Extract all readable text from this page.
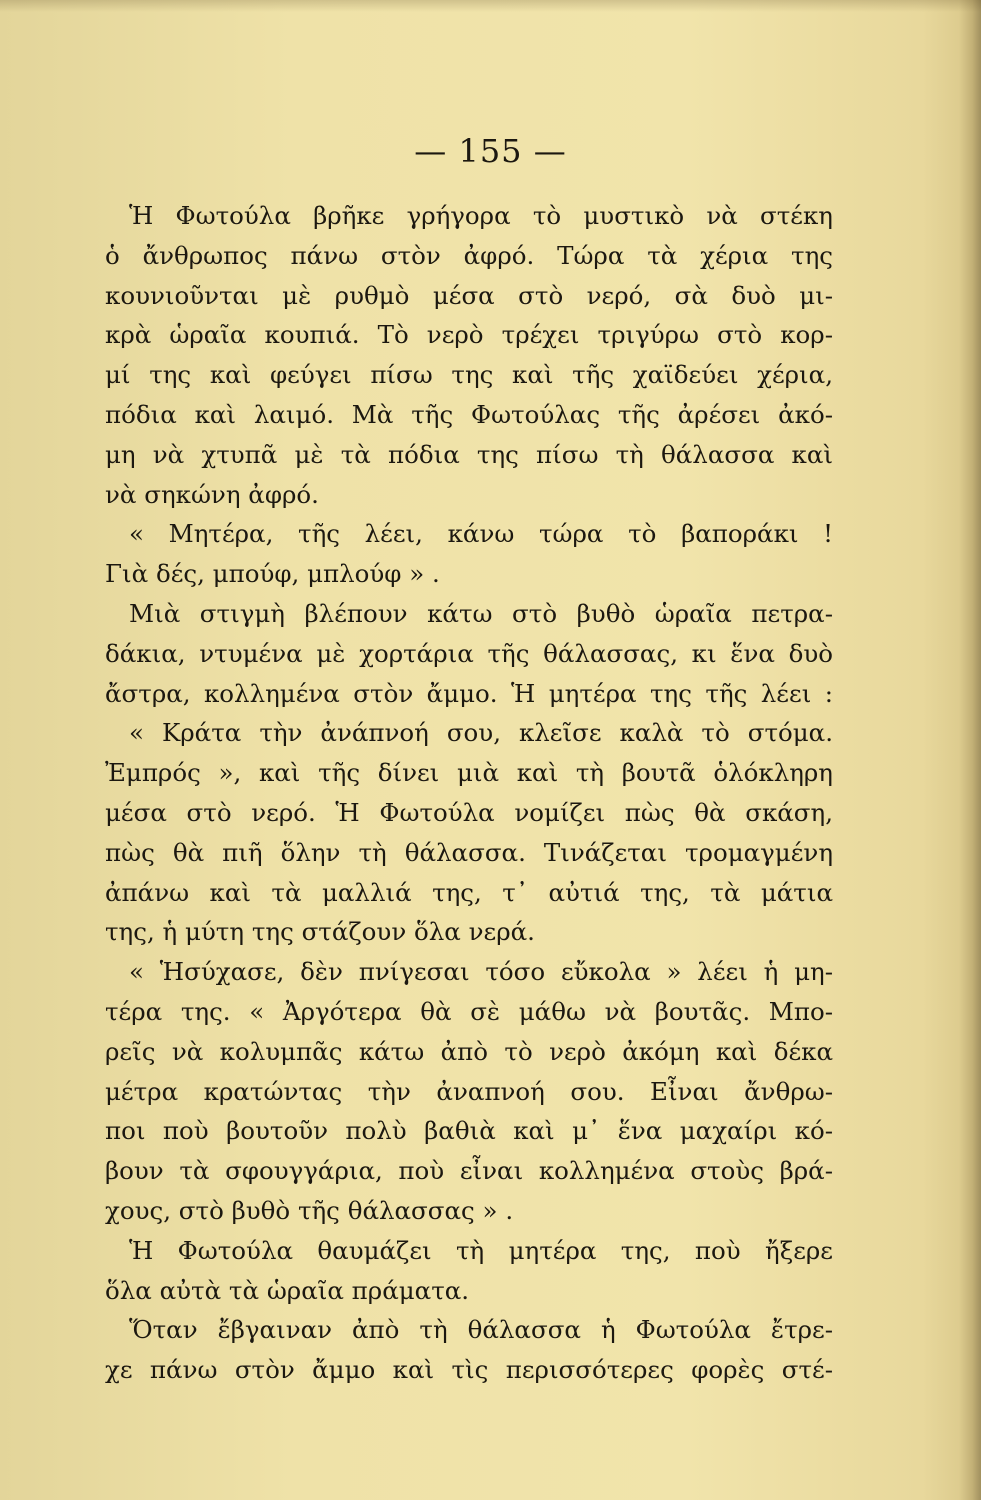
— 155 —
Ἡ Φωτούλα βρῆκε γρήγορα τὸ μυστικὸ νὰ στέκη
ὁ ἄνθρωπος πάνω στὸν ἀφρό. Τώρα τὰ χέρια της
κουνιοῦνται μὲ ρυθμὸ μέσα στὸ νερό, σὰ δυὸ μι-
κρὰ ὡραῖα κουπιά. Τὸ νερὸ τρέχει τριγύρω στὸ κορ-
μί της καὶ φεύγει πίσω της καὶ τῆς χαϊδεύει χέρια,
πόδια καὶ λαιμό. Μὰ τῆς Φωτούλας τῆς ἀρέσει ἀκό-
μη νὰ χτυπᾶ μὲ τὰ πόδια της πίσω τὴ θάλασσα καὶ
νὰ σηκώνη ἀφρό.
« Μητέρα, τῆς λέει, κάνω τώρα τὸ βαποράκι !
Γιὰ δές, μπούφ, μπλούφ » .
Μιὰ στιγμὴ βλέπουν κάτω στὸ βυθὸ ὡραῖα πετρα-
δάκια, ντυμένα μὲ χορτάρια τῆς θάλασσας, κι ἕνα δυὸ
ἄστρα, κολλημένα στὸν ἄμμο. Ἡ μητέρα της τῆς λέει :
« Κράτα τὴν ἀνάπνοή σου, κλεῖσε καλὰ τὸ στόμα.
Ἐμπρός », καὶ τῆς δίνει μιὰ καὶ τὴ βουτᾶ ὁλόκληρη
μέσα στὸ νερό. Ἡ Φωτούλα νομίζει πὼς θὰ σκάση,
πὼς θὰ πιῆ ὅλην τὴ θάλασσα. Τινάζεται τρομαγμένη
ἀπάνω καὶ τὰ μαλλιά της, τ᾿ αὐτιά της, τὰ μάτια
της, ἡ μύτη της στάζουν ὅλα νερά.
« Ἡσύχασε, δὲν πνίγεσαι τόσο εὔκολα » λέει ἡ μη-
τέρα της. « Ἀργότερα θὰ σὲ μάθω νὰ βουτᾶς. Μπο-
ρεῖς νὰ κολυμπᾶς κάτω ἀπὸ τὸ νερὸ ἀκόμη καὶ δέκα
μέτρα κρατώντας τὴν ἀναπνοή σου. Εἶναι ἄνθρω-
ποι ποὺ βουτοῦν πολὺ βαθιὰ καὶ μ᾿ ἕνα μαχαίρι κό-
βουν τὰ σφουγγάρια, ποὺ εἶναι κολλημένα στοὺς βρά-
χους, στὸ βυθὸ τῆς θάλασσας » .
Ἡ Φωτούλα θαυμάζει τὴ μητέρα της, ποὺ ἤξερε
ὅλα αὐτὰ τὰ ὡραῖα πράματα.
Ὅταν ἔβγαιναν ἀπὸ τὴ θάλασσα ἡ Φωτούλα ἔτρε-
χε πάνω στὸν ἄμμο καὶ τὶς περισσότερες φορὲς στέ-
